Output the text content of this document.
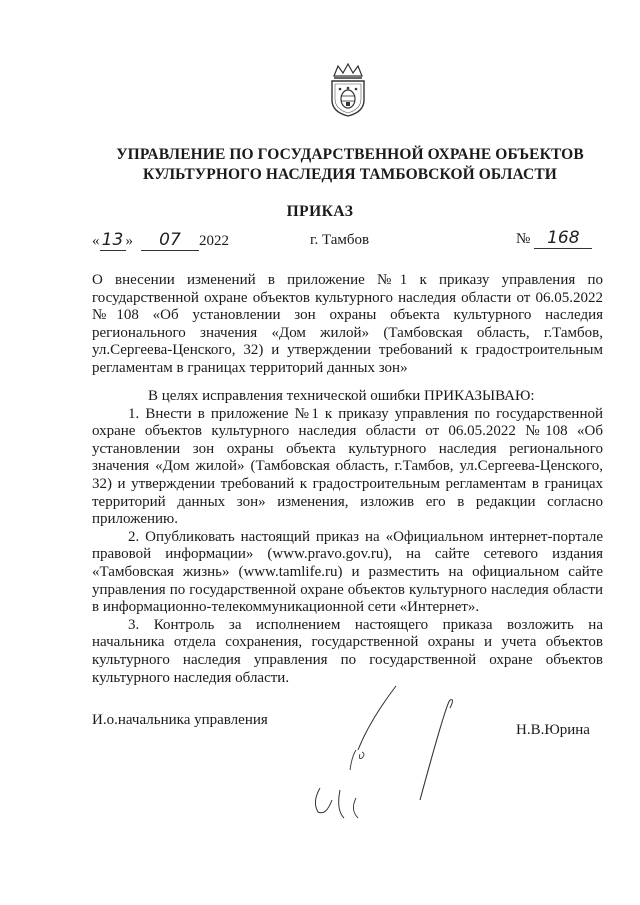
УПРАВЛЕНИЕ ПО ГОСУДАРСТВЕННОЙ ОХРАНЕ ОБЪЕКТОВ
КУЛЬТУРНОГО НАСЛЕДИЯ ТАМБОВСКОЙ ОБЛАСТИ
ПРИКАЗ
« 13 » 07 2022	г. Тамбов	№ 168
О внесении изменений в приложение №1 к приказу управления по государственной охране объектов культурного наследия области от 06.05.2022 №108 «Об установлении зон охраны объекта культурного наследия регионального значения «Дом жилой» (Тамбовская область, г.Тамбов, ул.Сергеева-Ценского, 32) и утверждении требований к градостроительным регламентам в границах территорий данных зон»

В целях исправления технической ошибки ПРИКАЗЫВАЮ:

1. Внести в приложение №1 к приказу управления по государственной охране объектов культурного наследия области от 06.05.2022 №108 «Об установлении зон охраны объекта культурного наследия регионального значения «Дом жилой» (Тамбовская область, г.Тамбов, ул.Сергеева-Ценского, 32) и утверждении требований к градостроительным регламентам в границах территорий данных зон» изменения, изложив его в редакции согласно приложению.

2. Опубликовать настоящий приказ на «Официальном интернет-портале правовой информации» (www.pravo.gov.ru), на сайте сетевого издания «Тамбовская жизнь» (www.tamlife.ru) и разместить на официальном сайте управления по государственной охране объектов культурного наследия области в информационно-телекоммуникационной сети «Интернет».

3. Контроль за исполнением настоящего приказа возложить на начальника отдела сохранения, государственной охраны и учета объектов культурного наследия управления по государственной охране объектов культурного наследия области.

И.о.начальника управления
Н.В.Юрина
